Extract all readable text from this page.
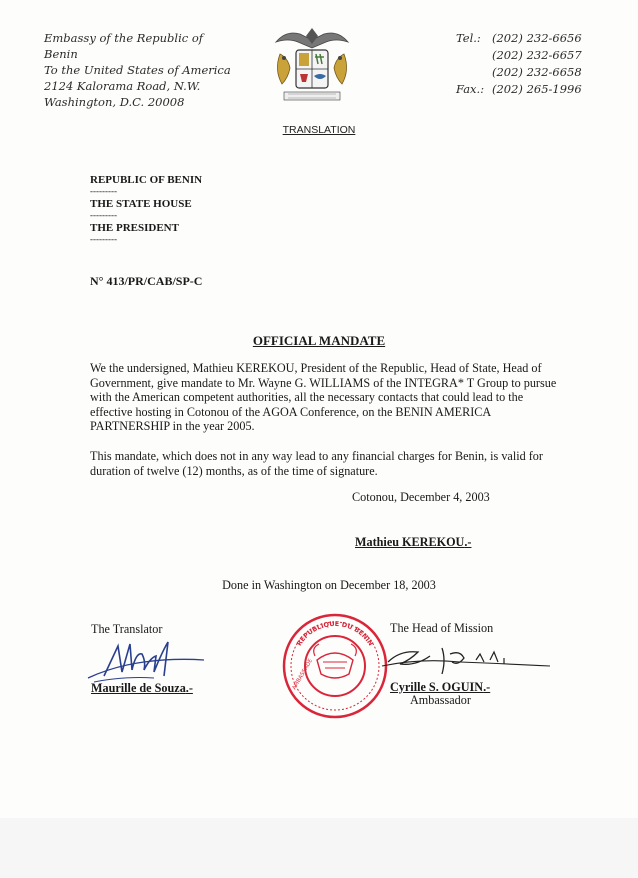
Embassy of the Republic of Benin
To the United States of America
2124 Kalorama Road, N.W.
Washington, D.C. 20008
Tel.: (202) 232-6656
(202) 232-6657
(202) 232-6658
Fax.: (202) 265-1996
TRANSLATION
REPUBLIC OF BENIN
---------
THE STATE HOUSE
---------
THE PRESIDENT
---------
N° 413/PR/CAB/SP-C
OFFICIAL MANDATE
We the undersigned, Mathieu KEREKOU, President of the Republic, Head of State, Head of Government, give mandate to Mr. Wayne G. WILLIAMS of the INTEGRA* T Group to pursue with the American competent authorities, all the necessary contacts that could lead to the effective hosting in Cotonou of the AGOA Conference, on the BENIN AMERICA PARTNERSHIP in the year 2005.
This mandate, which does not in any way lead to any financial charges for Benin, is valid for duration of twelve (12) months, as of the time of signature.
Cotonou, December 4, 2003
Mathieu KEREKOU.-
Done in Washington on December 18, 2003
The Translator
Maurille de Souza.-
REPUBLIQUE DU BENIN
AMBASSADE
The Head of Mission
Cyrille S. OGUIN.-
Ambassador
